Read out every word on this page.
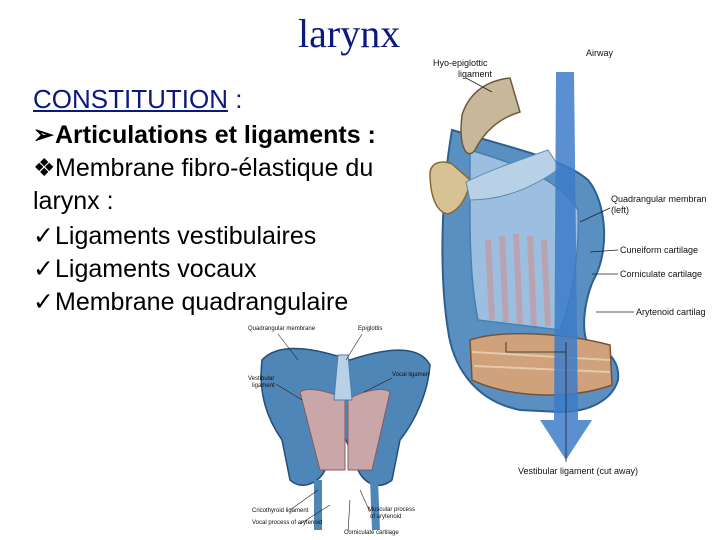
larynx
CONSTITUTION :
➢Articulations et ligaments :
❖Membrane fibro-élastique du
larynx :
✓Ligaments vestibulaires
✓Ligaments vocaux
✓Membrane quadrangulaire
Airway
Hyo-epiglottic
ligament
Quadrangular membran
(left)
Cuneiform cartilage
Corniculate cartilage
Arytenoid cartilag
Vestibular ligament (cut away)
Quadrangular membrane	Epiglottis
Vestibular
ligament
Vocal ligamen
Cricothyroid ligament	Muscular process
of arytenoid
Vocal process of arytenoid
Corniculate cartilage
